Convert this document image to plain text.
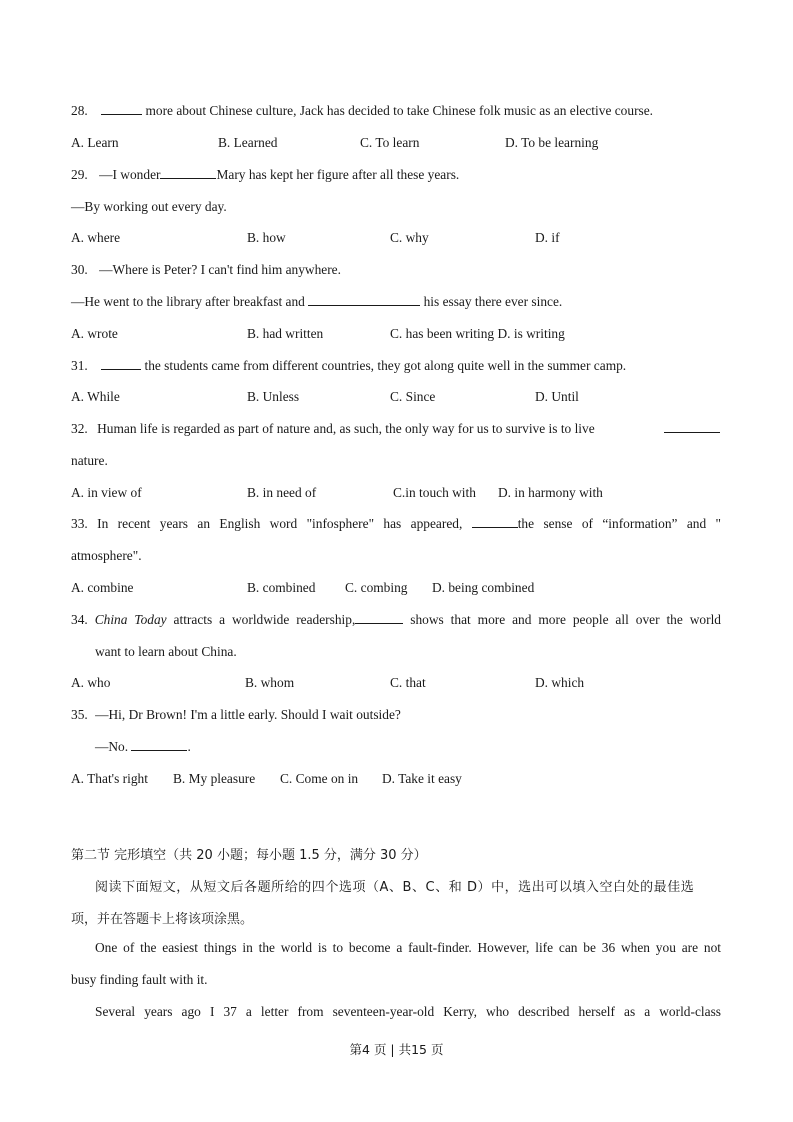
28.	more about Chinese culture, Jack has decided to take Chinese folk music as an elective course.
A. Learn	B. Learned	C. To learn	D. To be learning
29. —I wonder	Mary has kept her figure after all these years.
—By working out every day.
A. where	B. how	C. why	D. if
30. —Where is Peter? I can't find him anywhere.
—He went to the library after breakfast and	his essay there ever since.
A. wrote	B. had written	C. has been writing D. is writing
31.	the students came from different countries, they got along quite well in the summer camp.
A. While	B. Unless	C. Since	D. Until
32. Human life is regarded as part of nature and, as such, the only way for us to survive is to live
nature.
A. in view of	B. in need of	C.in touch with D. in harmony with
33. In recent years an English word "infosphere" has appeared,	the sense of “information” and "
atmosphere".
A. combine	B. combined C. combing D. being combined
34. China Today attracts a worldwide readership,	shows that more and more people all over the world
want to learn about China.
A. who	B. whom	C. that	D. which
35. —Hi, Dr Brown! I'm a little early. Should I wait outside?
—No.	.
A. That's right B. My pleasure C. Come on in D. Take it easy
第二节 完形填空（共 20 小题；每小题 1.5 分，满分 30 分）
阅读下面短文，从短文后各题所给的四个选项（A、B、C、和 D）中，选出可以填入空白处的最佳选
项，并在答题卡上将该项涂黑。
One of the easiest things in the world is to become a fault-finder. However, life can be 36 when you are not
busy finding fault with it.
Several years ago I 37 a letter from seventeen-year-old Kerry, who described herself as a world-class
第4 页 | 共15 页
